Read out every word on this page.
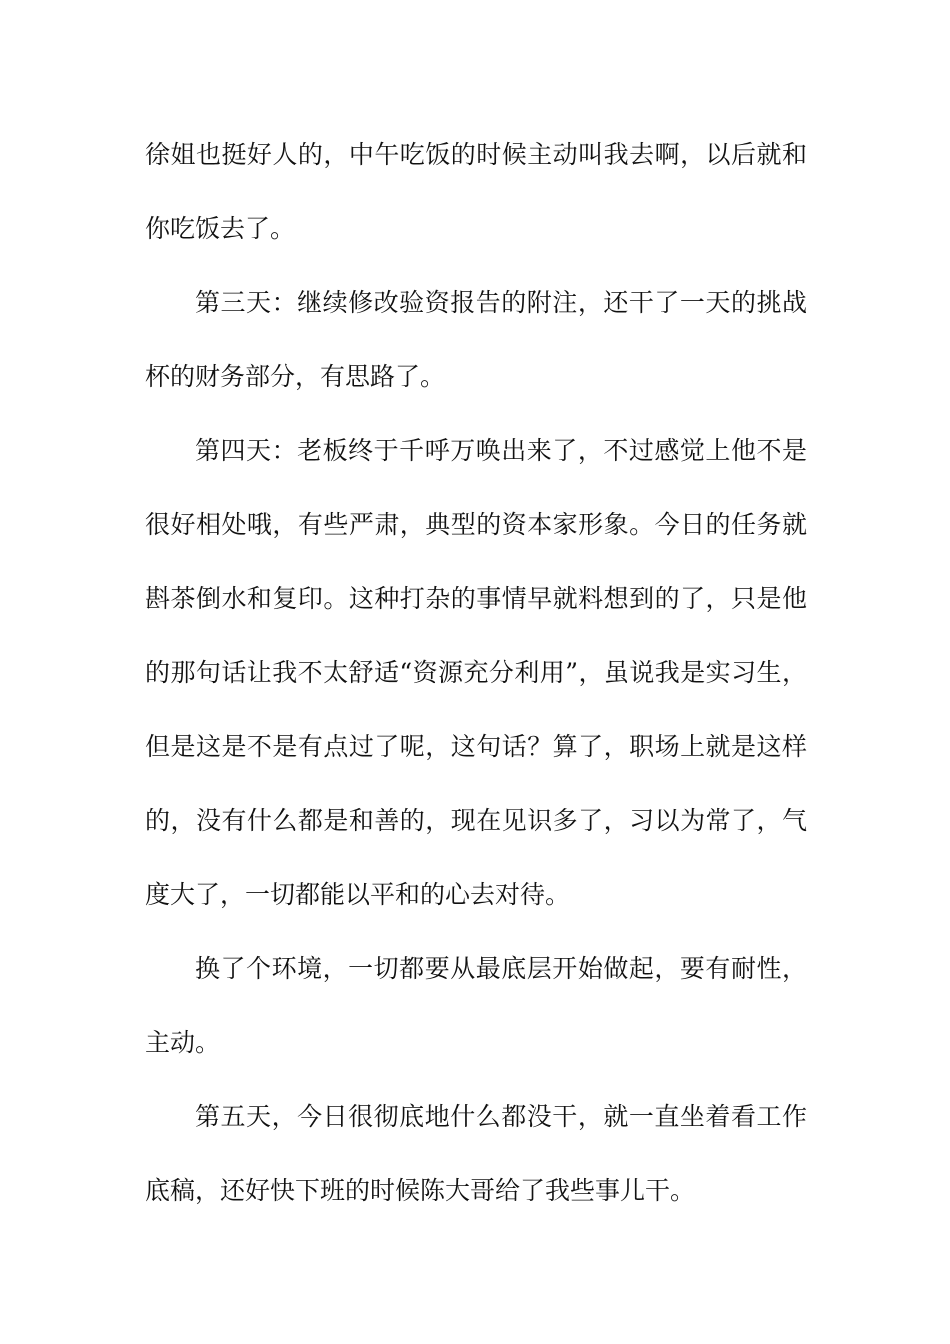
徐姐也挺好人的，中午吃饭的时候主动叫我去啊，以后就和你吃饭去了。

第三天：继续修改验资报告的附注，还干了一天的挑战杯的财务部分，有思路了。

第四天：老板终于千呼万唤出来了，不过感觉上他不是很好相处哦，有些严肃，典型的资本家形象。今日的任务就斟茶倒水和复印。这种打杂的事情早就料想到的了，只是他的那句话让我不太舒适“资源充分利用”，虽说我是实习生，但是这是不是有点过了呢，这句话？算了，职场上就是这样的，没有什么都是和善的，现在见识多了，习以为常了，气度大了，一切都能以平和的心去对待。

换了个环境，一切都要从最底层开始做起，要有耐性，主动。

第五天，今日很彻底地什么都没干，就一直坐着看工作底稿，还好快下班的时候陈大哥给了我些事儿干。
